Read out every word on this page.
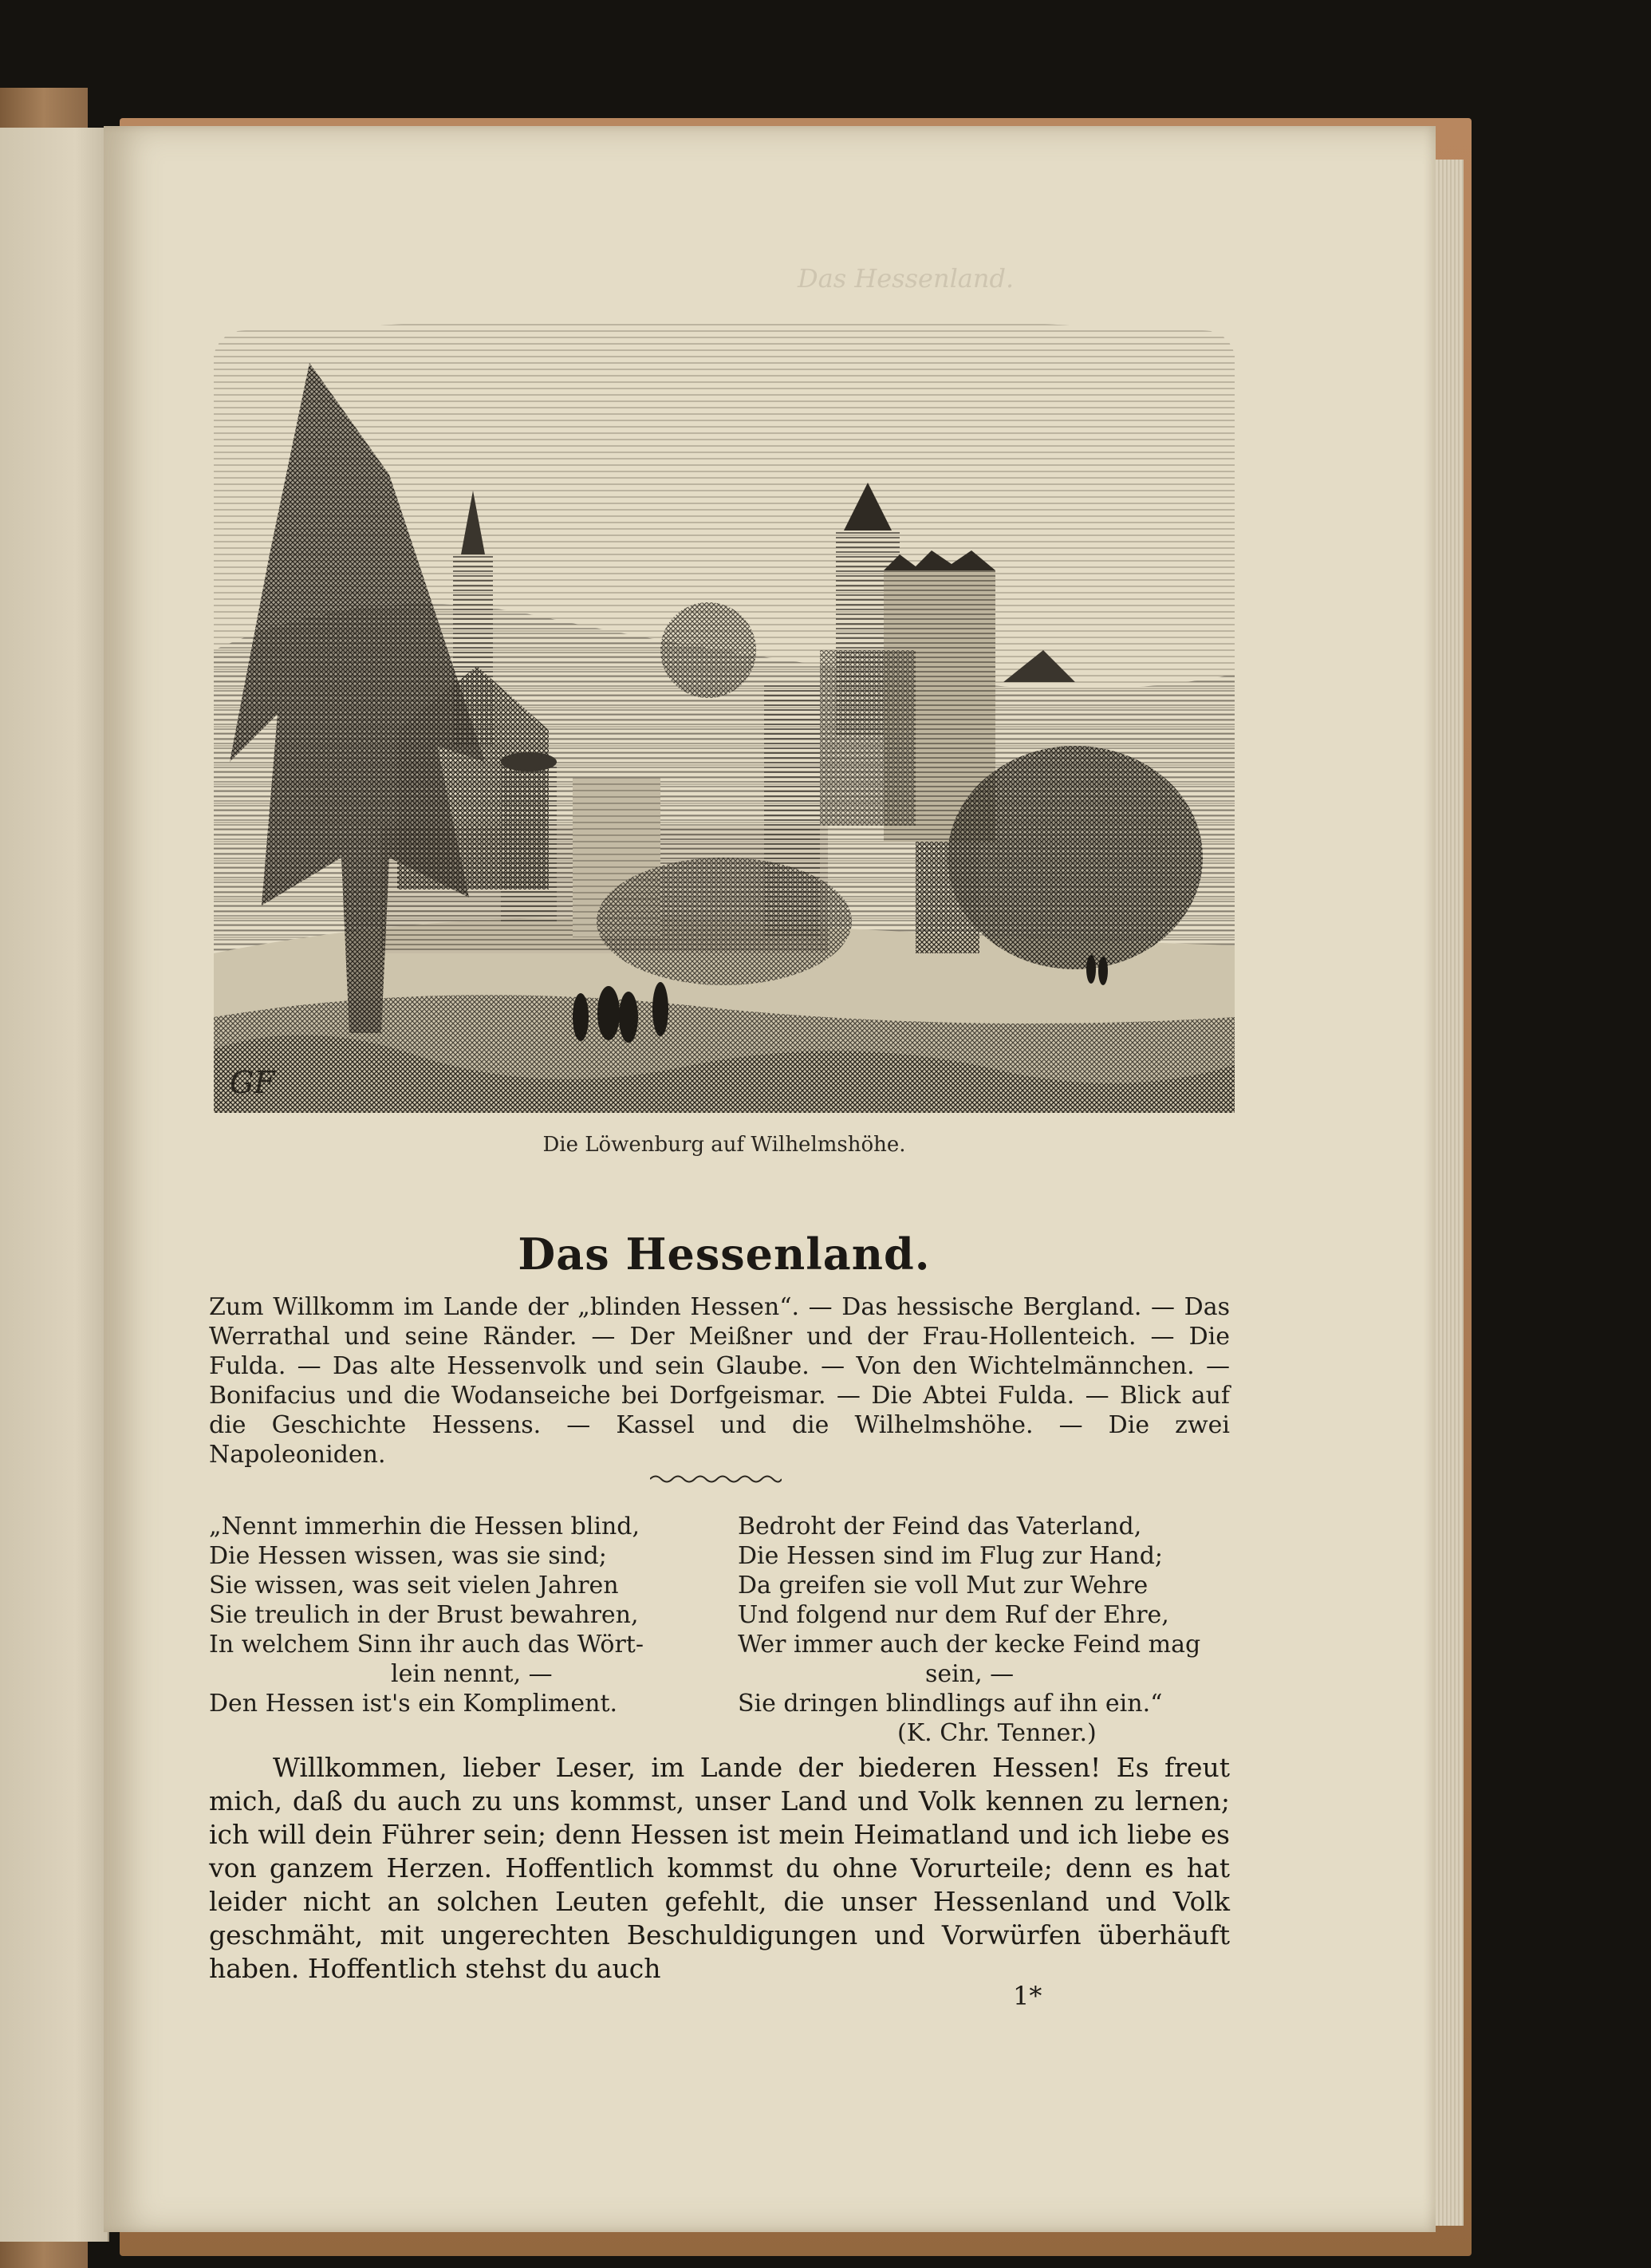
Das Hessenland.
GF
Die Löwenburg auf Wilhelmshöhe.
Das Hessenland.
Zum Willkomm im Lande der „blinden Hessen“. — Das hessische Bergland. — Das Werrathal und seine Ränder. — Der Meißner und der Frau-Hollenteich. — Die Fulda. — Das alte Hessenvolk und sein Glaube. — Von den Wichtelmännchen. — Bonifacius und die Wodanseiche bei Dorfgeismar. — Die Abtei Fulda. — Blick auf die Geschichte Hessens. — Kassel und die Wilhelmshöhe. — Die zwei Napoleoniden.
„Nennt immerhin die Hessen blind,
Die Hessen wissen, was sie sind;
Sie wissen, was seit vielen Jahren
Sie treulich in der Brust bewahren,
In welchem Sinn ihr auch das Wört-
lein nennt, —
Den Hessen ist's ein Kompliment.
Bedroht der Feind das Vaterland,
Die Hessen sind im Flug zur Hand;
Da greifen sie voll Mut zur Wehre
Und folgend nur dem Ruf der Ehre,
Wer immer auch der kecke Feind mag
sein, —
Sie dringen blindlings auf ihn ein.“
(K. Chr. Tenner.)
Willkommen, lieber Leser, im Lande der biederen Hessen! Es freut mich, daß du auch zu uns kommst, unser Land und Volk kennen zu lernen; ich will dein Führer sein; denn Hessen ist mein Heimatland und ich liebe es von ganzem Herzen. Hoffentlich kommst du ohne Vorurteile; denn es hat leider nicht an solchen Leuten gefehlt, die unser Hessenland und Volk geschmäht, mit ungerechten Beschuldigungen und Vorwürfen überhäuft haben. Hoffentlich stehst du auch
1*
